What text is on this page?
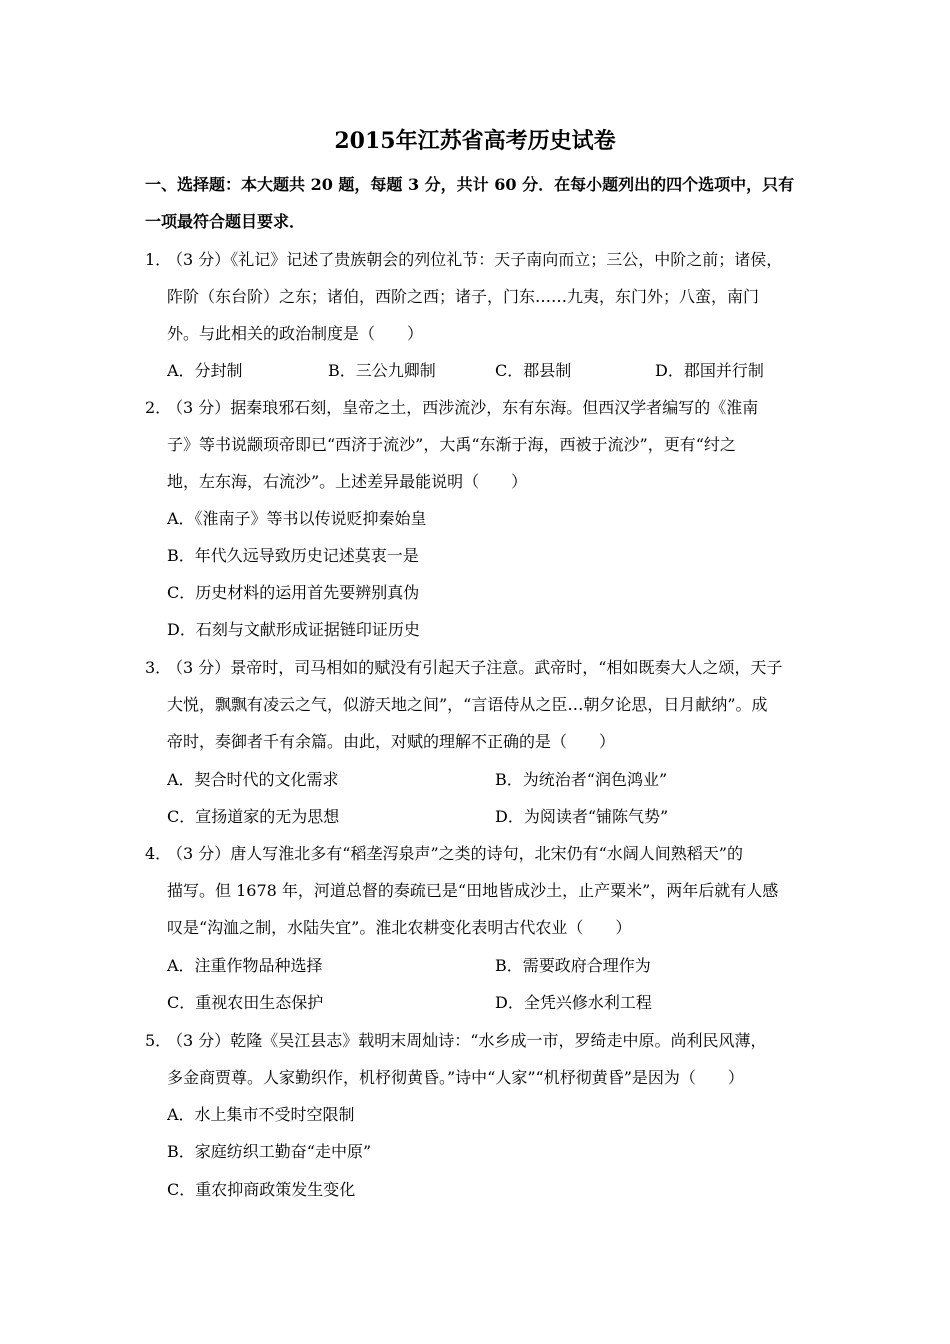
2015年江苏省高考历史试卷
一、选择题：本大题共 20 题，每题 3 分，共计 60 分．在每小题列出的四个选项中，只有
一项最符合题目要求．
1．
（3 分）《礼记》记述了贵族朝会的列位礼节：天子南向而立；三公，中阶之前；诸侯，
阼阶（东台阶）之东；诸伯，西阶之西；诸子，门东……九夷，东门外；八蛮，南门
外。与此相关的政治制度是（　　）
A．分封制	B．三公九卿制	C．郡县制	D．郡国并行制
2．
（3 分）据秦琅邪石刻，皇帝之土，西涉流沙，东有东海。但西汉学者编写的《淮南
子》等书说颛顼帝即已“西济于流沙”，大禹“东渐于海，西被于流沙”，更有“纣之
地，左东海，右流沙”。上述差异最能说明（　　）
A．《淮南子》等书以传说贬抑秦始皇
B．年代久远导致历史记述莫衷一是
C．历史材料的运用首先要辨别真伪
D．石刻与文献形成证据链印证历史
3．
（3 分）景帝时，司马相如的赋没有引起天子注意。武帝时，“相如既奏大人之颂，天子
大悦，飘飘有凌云之气，似游天地之间”，“言语侍从之臣…朝夕论思，日月献纳”。成
帝时，奏御者千有余篇。由此，对赋的理解不正确的是（　　）
A．契合时代的文化需求	B．为统治者“润色鸿业”
C．宣扬道家的无为思想	D．为阅读者“铺陈气势”
4．
（3 分）唐人写淮北多有“稻垄泻泉声”之类的诗句，北宋仍有“水阔人间熟稻天”的
描写。但 1678 年，河道总督的奏疏已是“田地皆成沙土，止产粟米”，两年后就有人感
叹是“沟洫之制，水陆失宜”。淮北农耕变化表明古代农业（　　）
A．注重作物品种选择	B．需要政府合理作为
C．重视农田生态保护	D．全凭兴修水利工程
5．
（3 分）乾隆《吴江县志》载明末周灿诗：“水乡成一市，罗绮走中原。尚利民风薄，
多金商贾尊。人家勤织作，机杼彻黄昏。”诗中“人家”“机杼彻黄昏”是因为（　　）
A．水上集市不受时空限制
B．家庭纺织工勤奋“走中原”
C．重农抑商政策发生变化
